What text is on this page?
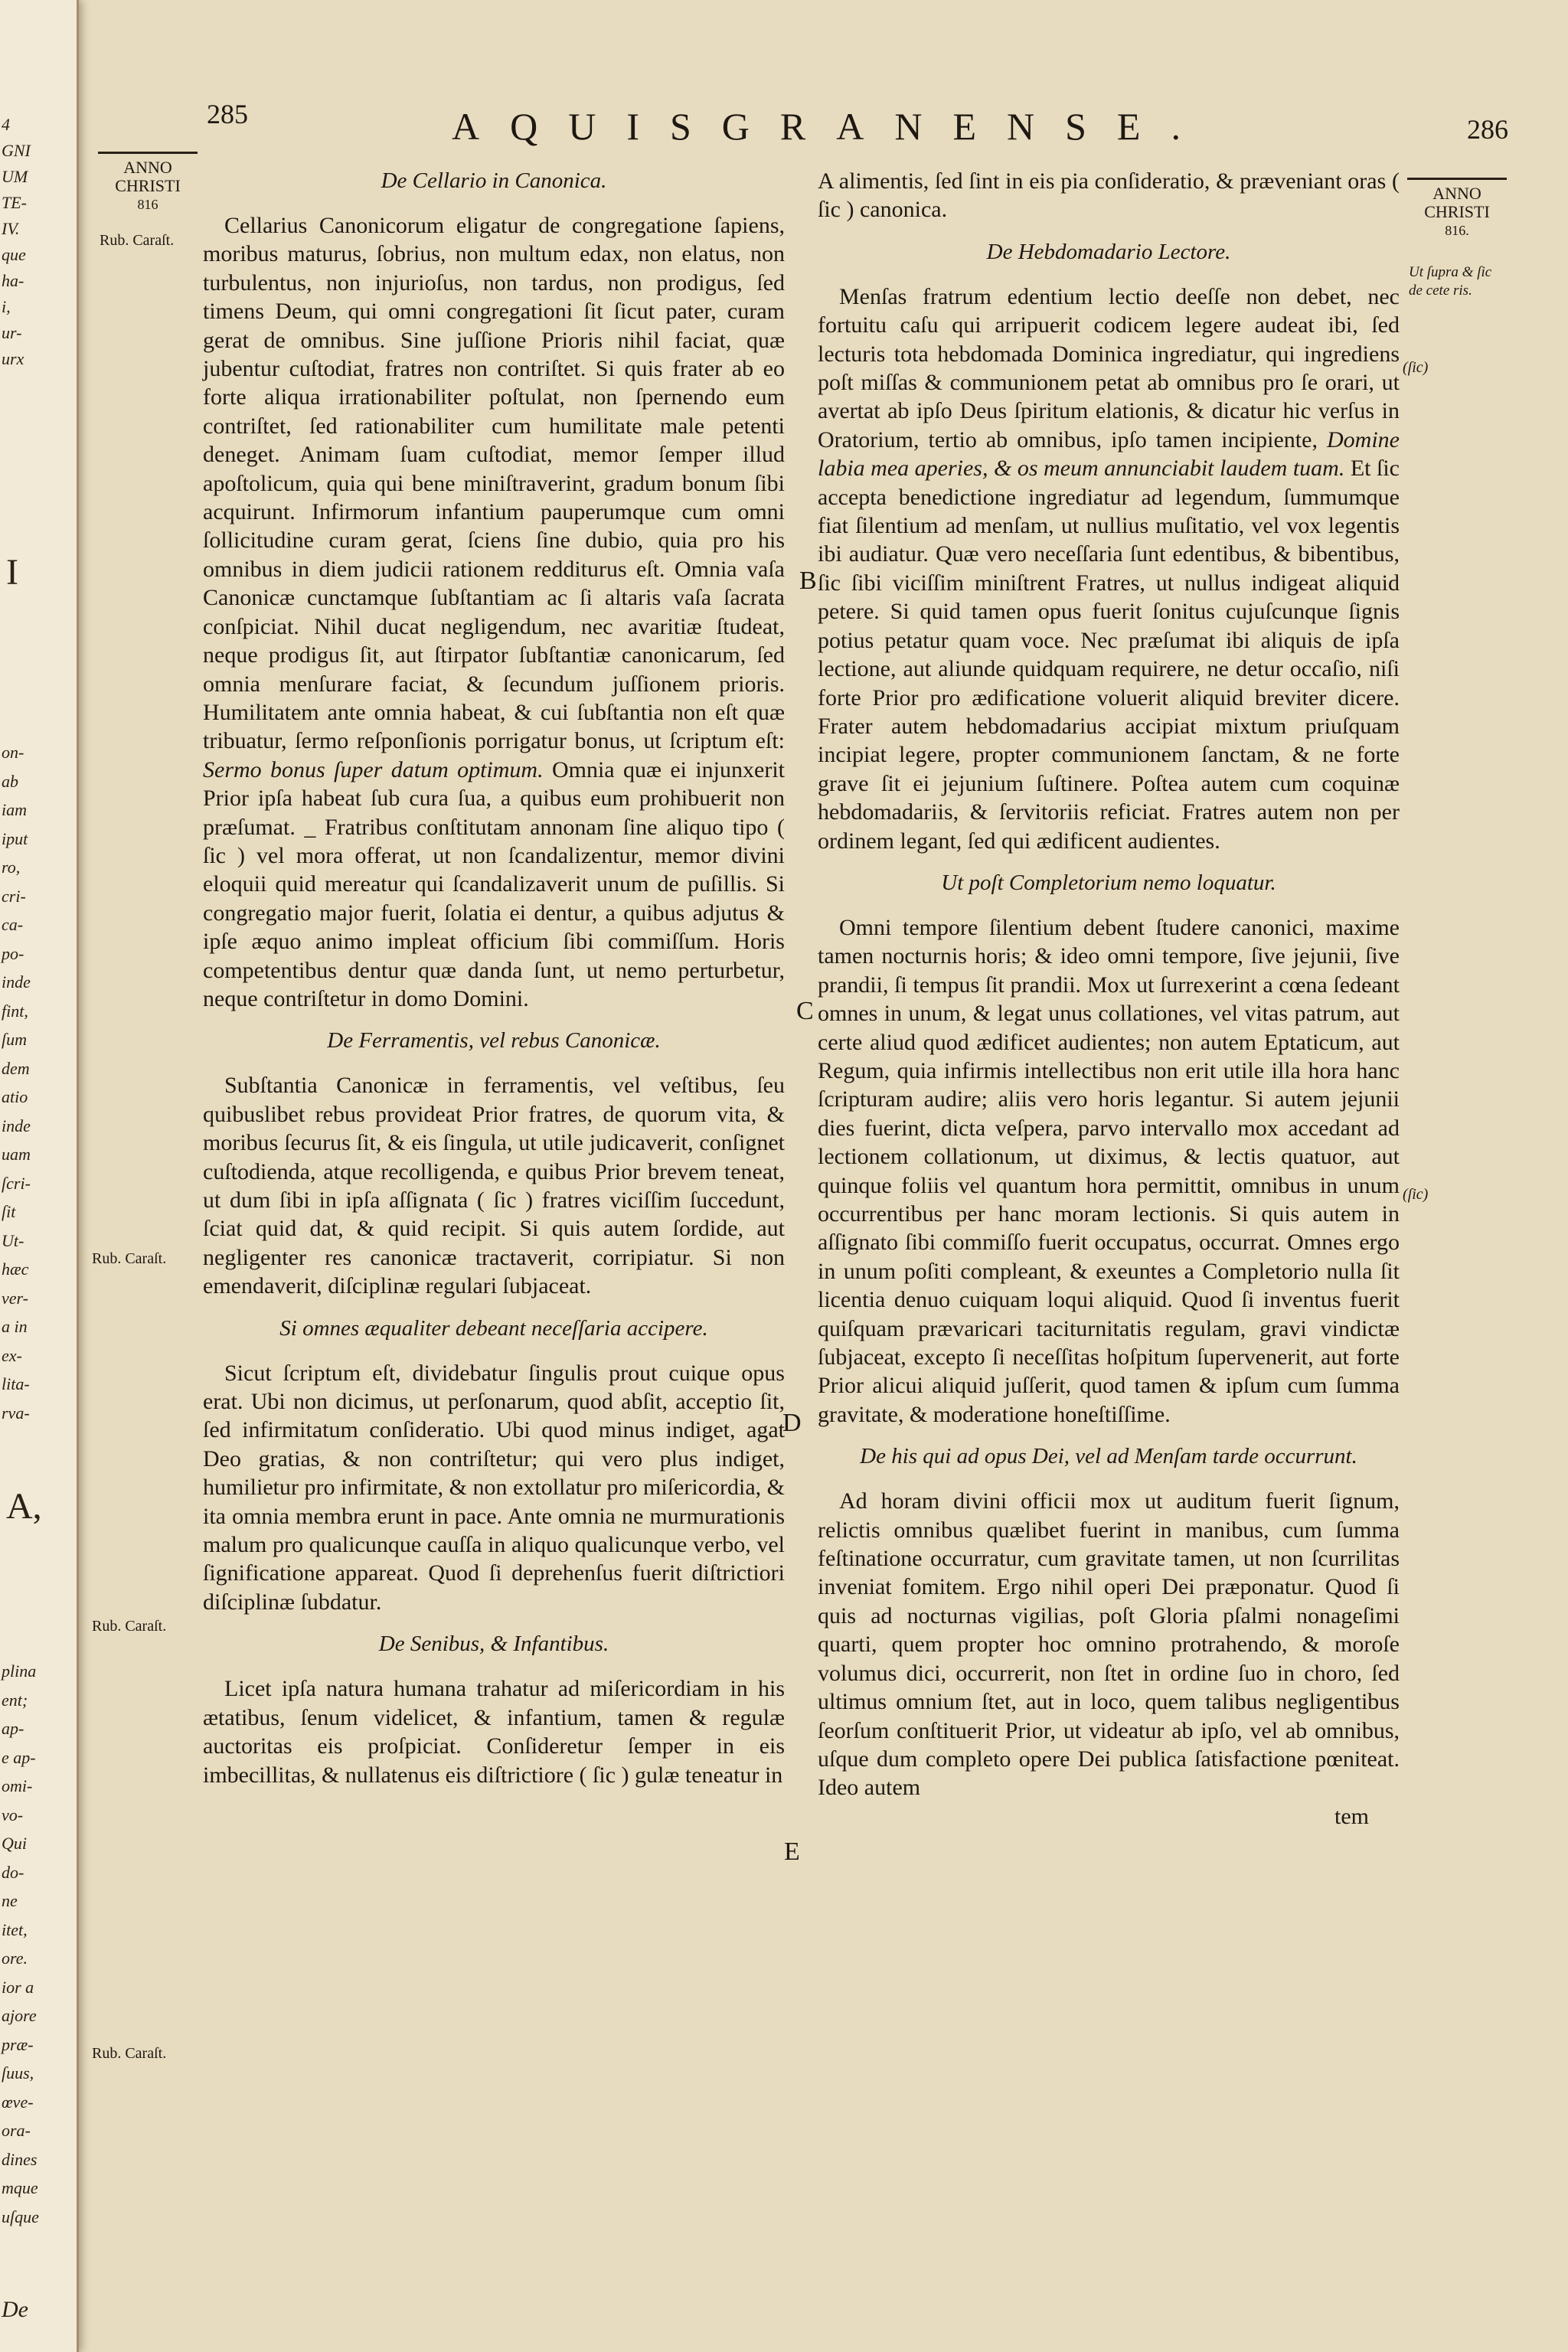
4
GNI
UM
TE-
IV.
que
ha-
i,
ur-
urx
I
on-
ab
iam
iput
ro,
cri-
ca-
po-
inde
fint,
ſum
dem
atio
inde
uam
ſcri-
ſit
Ut-
hæc
ver-
a in
ex-
lita-
rva-
A,
plina
ent;
ap-
e ap-
omi-
vo-
Qui
do-
ne
itet,
ore.
ior a
ajore
præ-
ſuus,
œve-
ora-
dines
mque
uſque
De
285	AQUISGRANENSE.	286
ANNO
CHRISTI
816
ANNO
CHRISTI
816.
Rub. Caraſt.
Rub. Caraſt.
Rub. Caraſt.
Rub. Caraſt.
Ut ſupra & ſic de cete ris.
(ſic)
(ſic)
B
C
D
E
De Cellario in Canonica.

Cellarius Canonicorum eligatur de congregatione ſapiens, moribus maturus, ſobrius, non multum edax, non elatus, non turbulentus, non injurioſus, non tardus, non prodigus, ſed timens Deum, qui omni congregationi ſit ſicut pater, curam gerat de omnibus. Sine juſſione Prioris nihil faciat, quæ jubentur cuſtodiat, fratres non contriſtet. Si quis frater ab eo forte aliqua irrationabiliter poſtulat, non ſpernendo eum contriſtet, ſed rationabiliter cum humilitate male petenti deneget. Animam ſuam cuſtodiat, memor ſemper illud apoſtolicum, quia qui bene miniſtraverint, gradum bonum ſibi acquirunt. Infirmorum infantium pauperumque cum omni ſollicitudine curam gerat, ſciens ſine dubio, quia pro his omnibus in diem judicii rationem redditurus eſt. Omnia vaſa Canonicæ cunctamque ſubſtantiam ac ſi altaris vaſa ſacrata conſpiciat. Nihil ducat negligendum, nec avaritiæ ſtudeat, neque prodigus ſit, aut ſtirpator ſubſtantiæ canonicarum, ſed omnia menſurare faciat, & ſecundum juſſionem prioris. Humilitatem ante omnia habeat, & cui ſubſtantia non eſt quæ tribuatur, ſermo reſponſionis porrigatur bonus, ut ſcriptum eſt: Sermo bonus ſuper datum optimum. Omnia quæ ei injunxerit Prior ipſa habeat ſub cura ſua, a quibus eum prohibuerit non præſumat. _ Fratribus conſtitutam annonam ſine aliquo tipo ( ſic ) vel mora offerat, ut non ſcandalizentur, memor divini eloquii quid mereatur qui ſcandalizaverit unum de puſillis. Si congregatio major fuerit, ſolatia ei dentur, a quibus adjutus & ipſe æquo animo impleat officium ſibi commiſſum. Horis competentibus dentur quæ danda ſunt, ut nemo perturbetur, neque contriſtetur in domo Domini.

De Ferramentis, vel rebus Canonicæ.

Subſtantia Canonicæ in ferramentis, vel veſtibus, ſeu quibuslibet rebus provideat Prior fratres, de quorum vita, & moribus ſecurus ſit, & eis ſingula, ut utile judicaverit, conſignet cuſtodienda, atque recolligenda, e quibus Prior brevem teneat, ut dum ſibi in ipſa aſſignata ( ſic ) fratres viciſſim ſuccedunt, ſciat quid dat, & quid recipit. Si quis autem ſordide, aut negligenter res canonicæ tractaverit, corripiatur. Si non emendaverit, diſciplinæ regulari ſubjaceat.

Si omnes æqualiter debeant neceſſaria accipere.

Sicut ſcriptum eſt, dividebatur ſingulis prout cuique opus erat. Ubi non dicimus, ut perſonarum, quod abſit, acceptio ſit, ſed infirmitatum conſideratio. Ubi quod minus indiget, agat Deo gratias, & non contriſtetur; qui vero plus indiget, humilietur pro infirmitate, & non extollatur pro miſericordia, & ita omnia membra erunt in pace. Ante omnia ne murmurationis malum pro qualicunque cauſſa in aliquo qualicunque verbo, vel ſignificatione appareat. Quod ſi deprehenſus fuerit diſtrictiori diſciplinæ ſubdatur.

De Senibus, & Infantibus.

Licet ipſa natura humana trahatur ad miſericordiam in his ætatibus, ſenum videlicet, & infantium, tamen & regulæ auctoritas eis proſpiciat. Conſideretur ſemper in eis imbecillitas, & nullatenus eis diſtrictiore ( ſic ) gulæ teneatur in

A alimentis, ſed ſint in eis pia conſideratio, & præveniant oras ( ſic ) canonica.

De Hebdomadario Lectore.

Menſas fratrum edentium lectio deeſſe non debet, nec fortuitu caſu qui arripuerit codicem legere audeat ibi, ſed lecturis tota hebdomada Dominica ingrediatur, qui ingrediens poſt miſſas & communionem petat ab omnibus pro ſe orari, ut avertat ab ipſo Deus ſpiritum elationis, & dicatur hic verſus in Oratorium, tertio ab omnibus, ipſo tamen incipiente, Domine labia mea aperies, & os meum annunciabit laudem tuam. Et ſic accepta benedictione ingrediatur ad legendum, ſummumque fiat ſilentium ad menſam, ut nullius muſitatio, vel vox legentis ibi audiatur. Quæ vero neceſſaria ſunt edentibus, & bibentibus, ſic ſibi viciſſim miniſtrent Fratres, ut nullus indigeat aliquid petere. Si quid tamen opus fuerit ſonitus cujuſcunque ſignis potius petatur quam voce. Nec præſumat ibi aliquis de ipſa lectione, aut aliunde quidquam requirere, ne detur occaſio, niſi forte Prior pro ædificatione voluerit aliquid breviter dicere. Frater autem hebdomadarius accipiat mixtum priuſquam incipiat legere, propter communionem ſanctam, & ne forte grave ſit ei jejunium ſuſtinere. Poſtea autem cum coquinæ hebdomadariis, & ſervitoriis reficiat. Fratres autem non per ordinem legant, ſed qui ædificent audientes.

Ut poſt Completorium nemo loquatur.

Omni tempore ſilentium debent ſtudere canonici, maxime tamen nocturnis horis; & ideo omni tempore, ſive jejunii, ſive prandii, ſi tempus ſit prandii. Mox ut ſurrexerint a cœna ſedeant omnes in unum, & legat unus collationes, vel vitas patrum, aut certe aliud quod ædificet audientes; non autem Eptaticum, aut Regum, quia infirmis intellectibus non erit utile illa hora hanc ſcripturam audire; aliis vero horis legantur. Si autem jejunii dies fuerint, dicta veſpera, parvo intervallo mox accedant ad lectionem collationum, ut diximus, & lectis quatuor, aut quinque foliis vel quantum hora permittit, omnibus in unum occurrentibus per hanc moram lectionis. Si quis autem in aſſignato ſibi commiſſo fuerit occupatus, occurrat. Omnes ergo in unum poſiti compleant, & exeuntes a Completorio nulla ſit licentia denuo cuiquam loqui aliquid. Quod ſi inventus fuerit quiſquam prævaricari taciturnitatis regulam, gravi vindictæ ſubjaceat, excepto ſi neceſſitas hoſpitum ſupervenerit, aut forte Prior alicui aliquid juſſerit, quod tamen & ipſum cum ſumma gravitate, & moderatione honeſtiſſime.

De his qui ad opus Dei, vel ad Menſam tarde occurrunt.

Ad horam divini officii mox ut auditum fuerit ſignum, relictis omnibus quælibet fuerint in manibus, cum ſumma feſtinatione occurratur, cum gravitate tamen, ut non ſcurrilitas inveniat fomitem. Ergo nihil operi Dei præponatur. Quod ſi quis ad nocturnas vigilias, poſt Gloria pſalmi nonageſimi quarti, quem propter hoc omnino protrahendo, & moroſe volumus dici, occurrerit, non ſtet in ordine ſuo in choro, ſed ultimus omnium ſtet, aut in loco, quem talibus negligentibus ſeorſum conſtituerit Prior, ut videatur ab ipſo, vel ab omnibus, uſque dum completo opere Dei publica ſatisfactione pœniteat. Ideo autem

tem
